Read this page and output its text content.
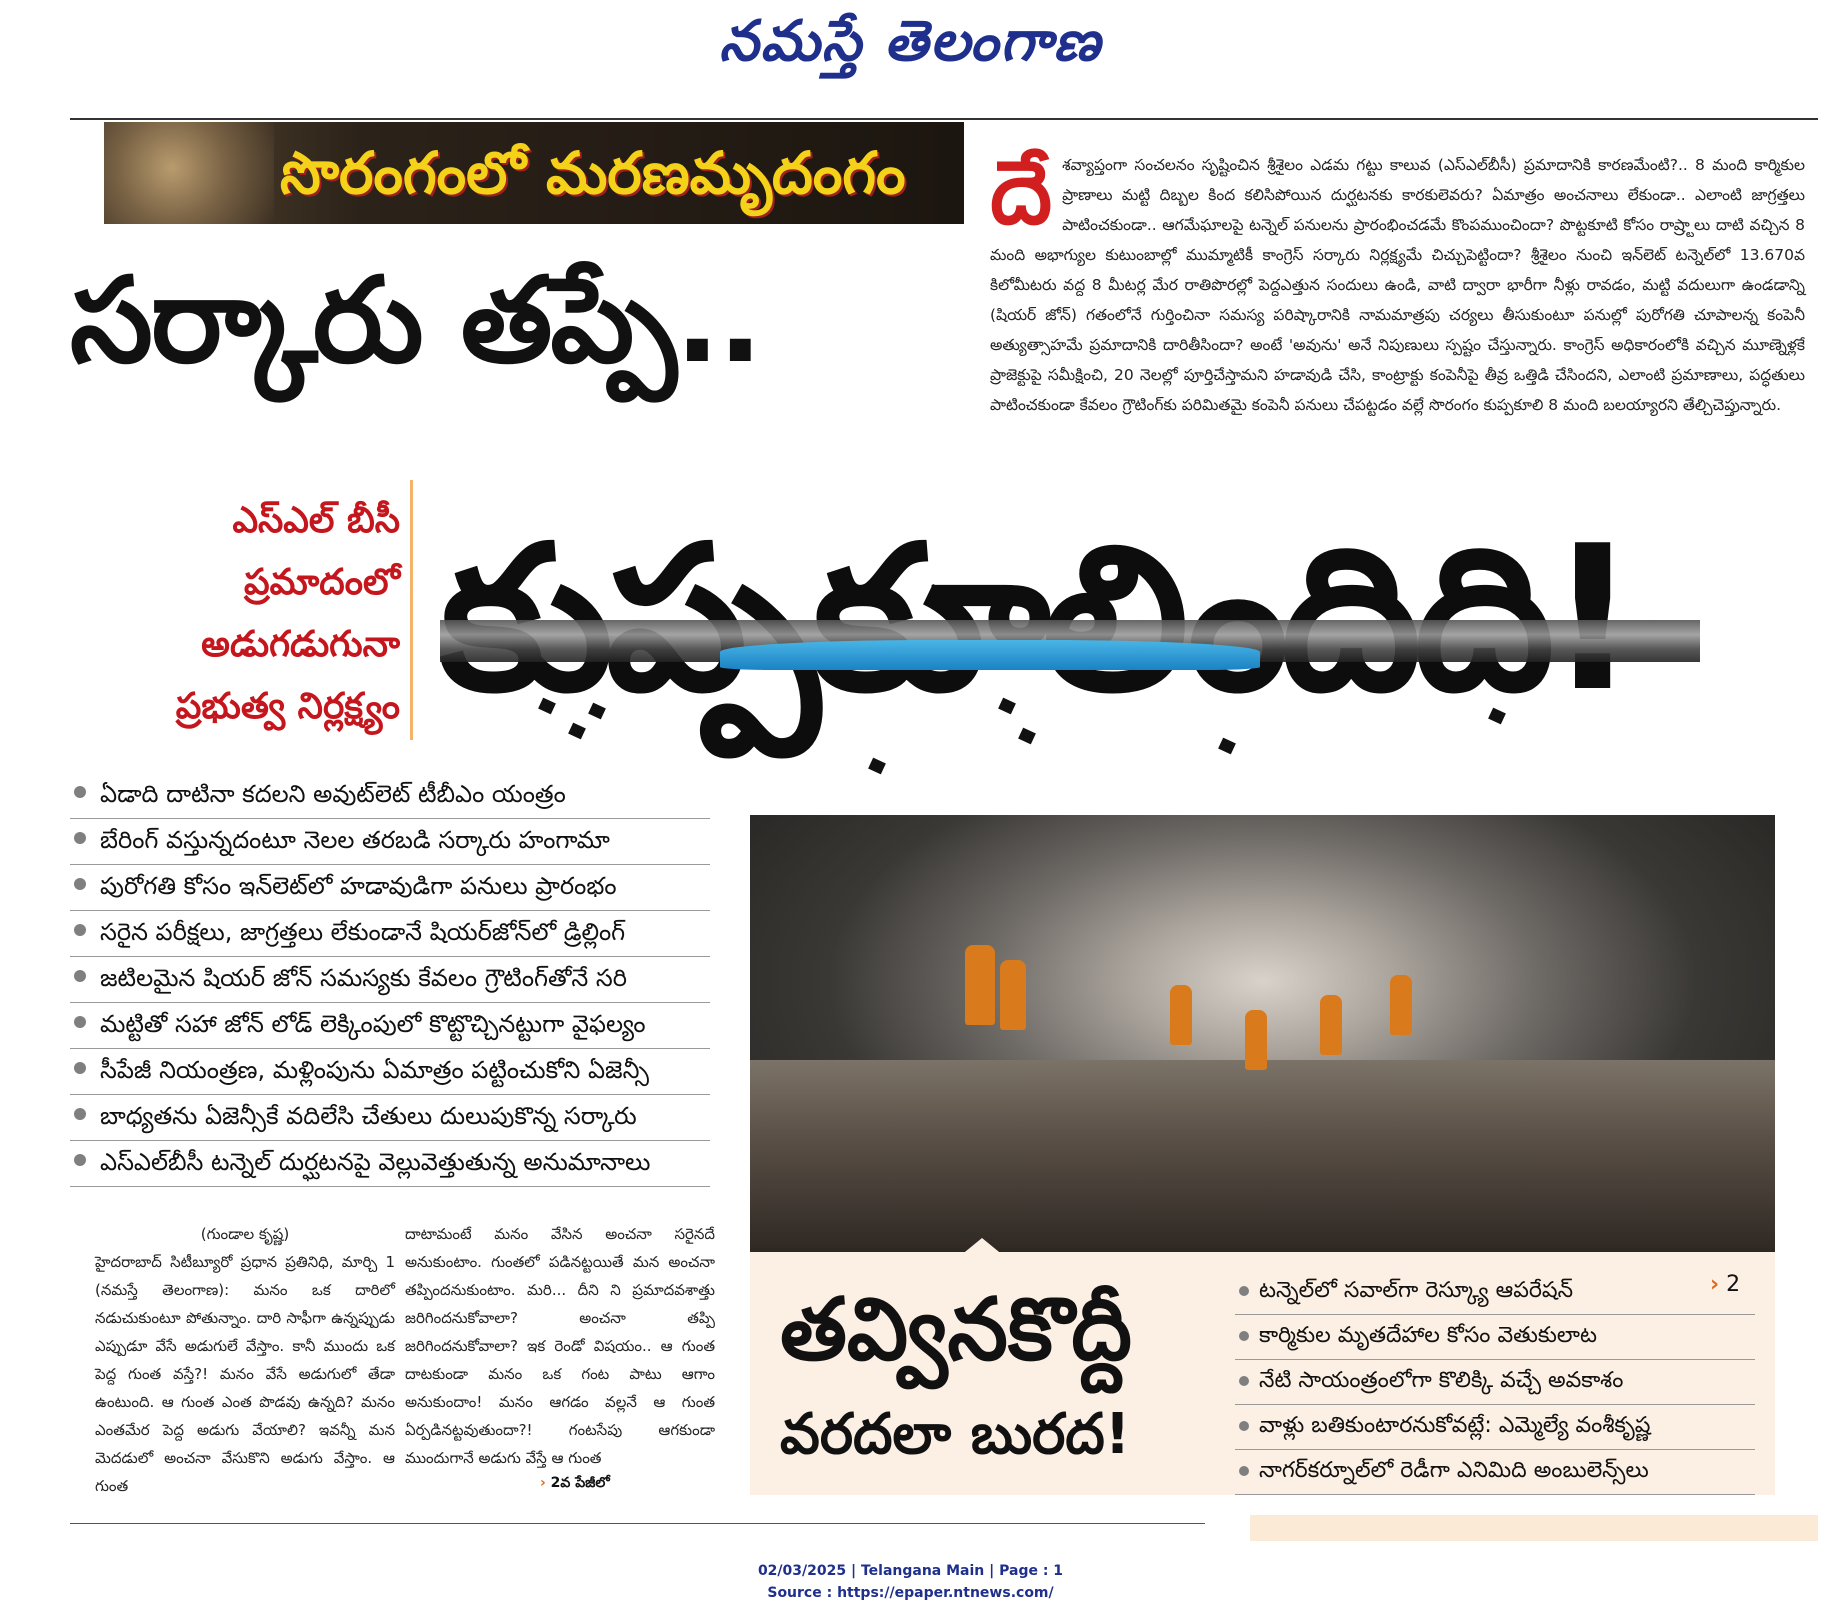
నమస్తే తెలంగాణ
సొరంగంలో మరణమృదంగం
సర్కారు తప్పే..
దేశవ్యాప్తంగా సంచలనం సృష్టించిన శ్రీశైలం ఎడమ గట్టు కాలువ (ఎస్‌ఎల్‌బీసీ) ప్రమాదానికి కారణమేంటి?.. 8 మంది కార్మికుల ప్రాణాలు మట్టి దిబ్బల కింద కలిసిపోయిన దుర్ఘటనకు కారకులెవరు? ఏమాత్రం అంచనాలు లేకుండా.. ఎలాంటి జాగ్రత్తలు పాటించకుండా.. ఆగమేఘాలపై టన్నెల్ పనులను ప్రారంభించడమే కొంపముంచిందా? పొట్టకూటి కోసం రాష్ర్టాలు దాటి వచ్చిన 8 మంది అభాగ్యుల కుటుంబాల్లో ముమ్మాటికీ కాంగ్రెస్ సర్కారు నిర్లక్ష్యమే చిచ్చుపెట్టిందా? శ్రీశైలం నుంచి ఇన్‌లెట్ టన్నెల్‌లో 13.670వ కిలోమీటరు వద్ద 8 మీటర్ల మేర రాతిపొరల్లో పెద్దఎత్తున సందులు ఉండి, వాటి ద్వారా భారీగా నీళ్లు రావడం, మట్టి వదులుగా ఉండడాన్ని (షియర్ జోన్) గతంలోనే గుర్తించినా సమస్య పరిష్కారానికి నామమాత్రపు చర్యలు తీసుకుంటూ పనుల్లో పురోగతి చూపాలన్న కంపెనీ అత్యుత్సాహమే ప్రమాదానికి దారితీసిందా? అంటే 'అవును' అనే నిపుణులు స్పష్టం చేస్తున్నారు. కాంగ్రెస్ అధికారంలోకి వచ్చిన మూణ్నెళ్లకే ప్రాజెక్టుపై సమీక్షించి, 20 నెలల్లో పూర్తిచేస్తామని హడావుడి చేసి, కాంట్రాక్టు కంపెనీపై తీవ్ర ఒత్తిడి చేసిందని, ఎలాంటి ప్రమాణాలు, పద్ధతులు పాటించకుండా కేవలం గ్రౌటింగ్‌కు పరిమితమై కంపెనీ పనులు చేపట్టడం వల్లే సొరంగం కుప్పకూలి 8 మంది బలయ్యారని తేల్చిచెప్తున్నారు.
ఎస్‌ఎల్ బీసీ
ప్రమాదంలో
అడుగడుగునా
ప్రభుత్వ నిర్లక్ష్యం
ఏడాది దాటినా కదలని అవుట్‌లెట్ టీబీఎం యంత్రం
బేరింగ్ వస్తున్నదంటూ నెలల తరబడి సర్కారు హంగామా
పురోగతి కోసం ఇన్‌లెట్‌లో హడావుడిగా పనులు ప్రారంభం
సరైన పరీక్షలు, జాగ్రత్తలు లేకుండానే షియర్‌జోన్‌లో డ్రిల్లింగ్
జటిలమైన షియర్ జోన్ సమస్యకు కేవలం గ్రౌటింగ్‌తోనే సరి
మట్టితో సహా జోన్ లోడ్ లెక్కింపులో కొట్టొచ్చినట్టుగా వైఫల్యం
సీపేజీ నియంత్రణ, మళ్లింపును ఏమాత్రం పట్టించుకోని ఏజెన్సీ
బాధ్యతను ఏజెన్సీకే వదిలేసి చేతులు దులుపుకొన్న సర్కారు
ఎస్‌ఎల్‌బీసీ టన్నెల్ దుర్ఘటనపై వెల్లువెత్తుతున్న అనుమానాలు
తవ్వినకొద్దీ
వరదలా బురద!
› 2
టన్నెల్‌లో సవాల్‌గా రెస్క్యూ ఆపరేషన్
కార్మికుల మృతదేహాల కోసం వెతుకులాట
నేటి సాయంత్రంలోగా కొలిక్కి వచ్చే అవకాశం
వాళ్లు బతికుంటారనుకోవట్లే: ఎమ్మెల్యే వంశీకృష్ణ
నాగర్‌కర్నూల్‌లో రెడీగా ఎనిమిది అంబులెన్స్‌లు
(గుండాల కృష్ణ)
హైదరాబాద్ సిటీబ్యూరో ప్రధాన ప్రతినిధి, మార్చి 1 (నమస్తే తెలంగాణ): మనం ఒక దారిలో నడుచుకుంటూ పోతున్నాం. దారి సాఫీగా ఉన్నప్పుడు ఎప్పుడూ వేసే అడుగులే వేస్తాం. కానీ ముందు ఒక పెద్ద గుంత వస్తే?! మనం వేసే అడుగులో తేడా ఉంటుంది. ఆ గుంత ఎంత పొడవు ఉన్నది? మనం ఎంతమేర పెద్ద అడుగు వేయాలి? ఇవన్నీ మన మెదడులో అంచనా వేసుకొని అడుగు వేస్తాం. ఆ గుంత
దాటామంటే మనం వేసిన అంచనా సరైనదే అనుకుంటాం. గుంతలో పడినట్టయితే మన అంచనా తప్పిందనుకుంటాం. మరి... దీని ని ప్రమాదవశాత్తు జరిగిందనుకోవాలా? అంచనా తప్పి జరిగిందనుకోవాలా? ఇక రెండో విషయం.. ఆ గుంత దాటకుండా మనం ఒక గంట పాటు ఆగాం అనుకుందాం! మనం ఆగడం వల్లనే ఆ గుంత ఏర్పడినట్టవుతుందా?! గంటసేపు ఆగకుండా ముందుగానే అడుగు వేస్తే ఆ గుంత
› 2వ పేజీలో
02/03/2025 | Telangana Main | Page : 1
Source : https://epaper.ntnews.com/
